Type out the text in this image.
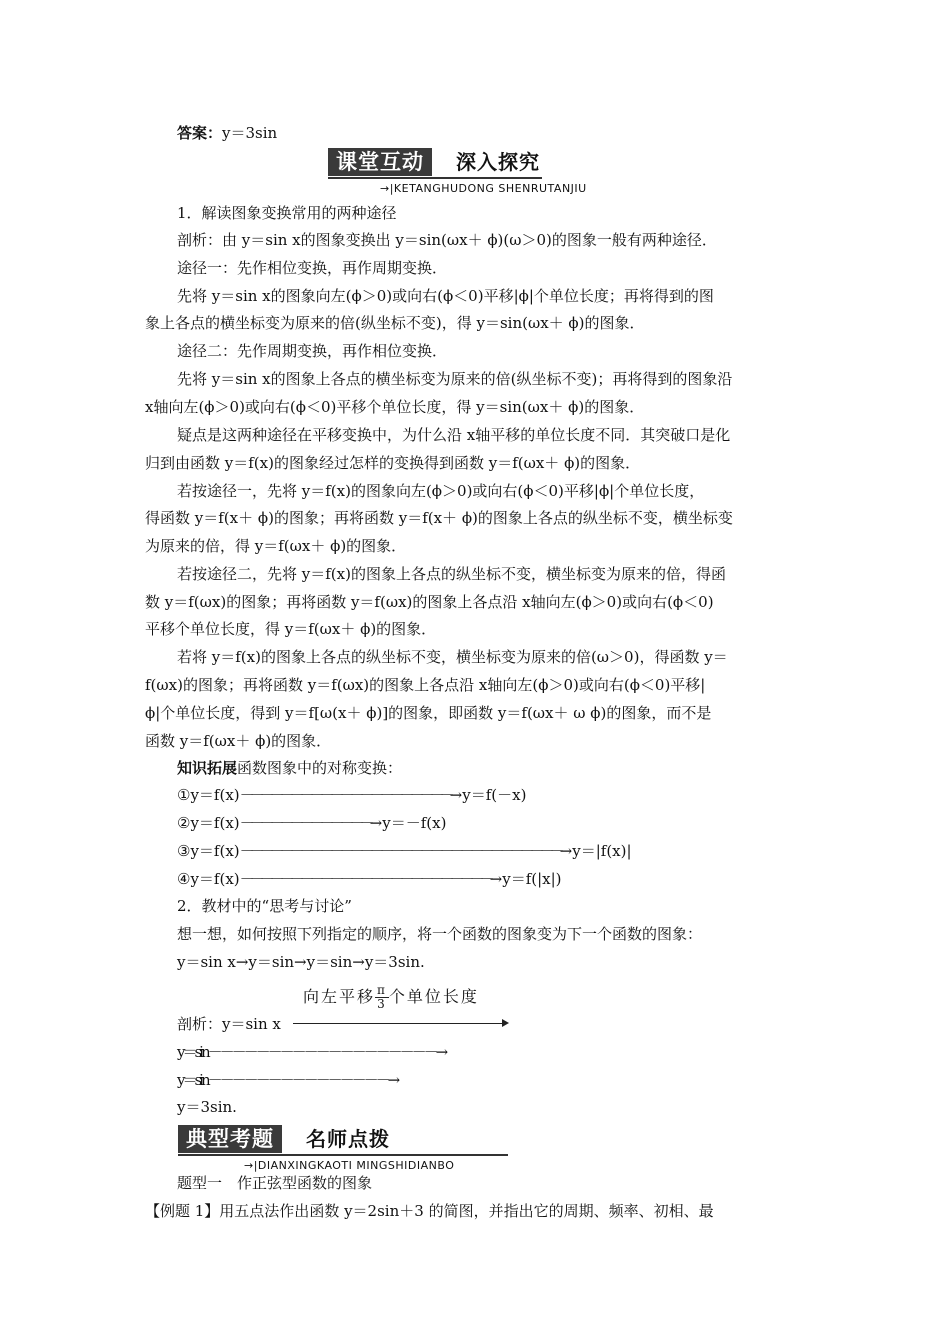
答案：y＝3sin
课堂互动	深入探究
→|KETANGHUDONG SHENRUTANJIU
1．解读图象变换常用的两种途径
剖析：由 y＝sin x的图象变换出 y＝sin(ωx＋ ϕ)(ω＞0)的图象一般有两种途径．
途径一：先作相位变换，再作周期变换．
先将 y＝sin x的图象向左(ϕ＞0)或向右(ϕ＜0)平移|ϕ|个单位长度；再将得到的图
象上各点的横坐标变为原来的倍(纵坐标不变)，得 y＝sin(ωx＋ ϕ)的图象．
途径二：先作周期变换，再作相位变换．
先将 y＝sin x的图象上各点的横坐标变为原来的倍(纵坐标不变)；再将得到的图象沿
x轴向左(ϕ＞0)或向右(ϕ＜0)平移个单位长度，得 y＝sin(ωx＋ ϕ)的图象．
疑点是这两种途径在平移变换中，为什么沿 x轴平移的单位长度不同．其突破口是化
归到由函数 y＝f(x)的图象经过怎样的变换得到函数 y＝f(ωx＋ ϕ)的图象．
若按途径一，先将 y＝f(x)的图象向左(ϕ＞0)或向右(ϕ＜0)平移|ϕ|个单位长度，
得函数 y＝f(x＋ ϕ)的图象；再将函数 y＝f(x＋ ϕ)的图象上各点的纵坐标不变，横坐标变
为原来的倍，得 y＝f(ωx＋ ϕ)的图象．
若按途径二，先将 y＝f(x)的图象上各点的纵坐标不变，横坐标变为原来的倍，得函
数 y＝f(ωx)的图象；再将函数 y＝f(ωx)的图象上各点沿 x轴向左(ϕ＞0)或向右(ϕ＜0)
平移个单位长度，得 y＝f(ωx＋ ϕ)的图象．
若将 y＝f(x)的图象上各点的纵坐标不变，横坐标变为原来的倍(ω＞0)，得函数 y＝
f(ωx)的图象；再将函数 y＝f(ωx)的图象上各点沿 x轴向左(ϕ＞0)或向右(ϕ＜0)平移|
ϕ|个单位长度，得到 y＝f[ω(x＋ ϕ)]的图象，即函数 y＝f(ωx＋ ω ϕ)的图象，而不是
函数 y＝f(ωx＋ ϕ)的图象．
知识拓展函数图象中的对称变换：
①y＝f(x)－－－－－－－－－－－－－－－－－－－－－→y＝f(－x)
②y＝f(x)－－－－－－－－－－－－－→y＝－f(x)
③y＝f(x)－－－－－－－－－－－－－－－－－－－－－－－－－－－－－－－－→y＝|f(x)|
④y＝f(x)－－－－－－－－－－－－－－－－－－－－－－－－－→y＝f(|x|)
2．教材中的“思考与讨论”
想一想，如何按照下列指定的顺序，将一个函数的图象变为下一个函数的图象：
y＝sin x→y＝sin→y＝sin→y＝3sin.
向左平移 $\frac{\pi}{3}$ 个单位长度
剖析：y＝sin x
y＝sin－－－－－－－－－－－－－－－－－－－→
y＝sin－－－－－－－－－－－－－－－→
y＝3sin.
典型考题	名师点拨
→|DIANXINGKAOTI MINGSHIDIANBO
题型一　作正弦型函数的图象
【例题 1】用五点法作出函数 y＝2sin＋3 的简图，并指出它的周期、频率、初相、最
